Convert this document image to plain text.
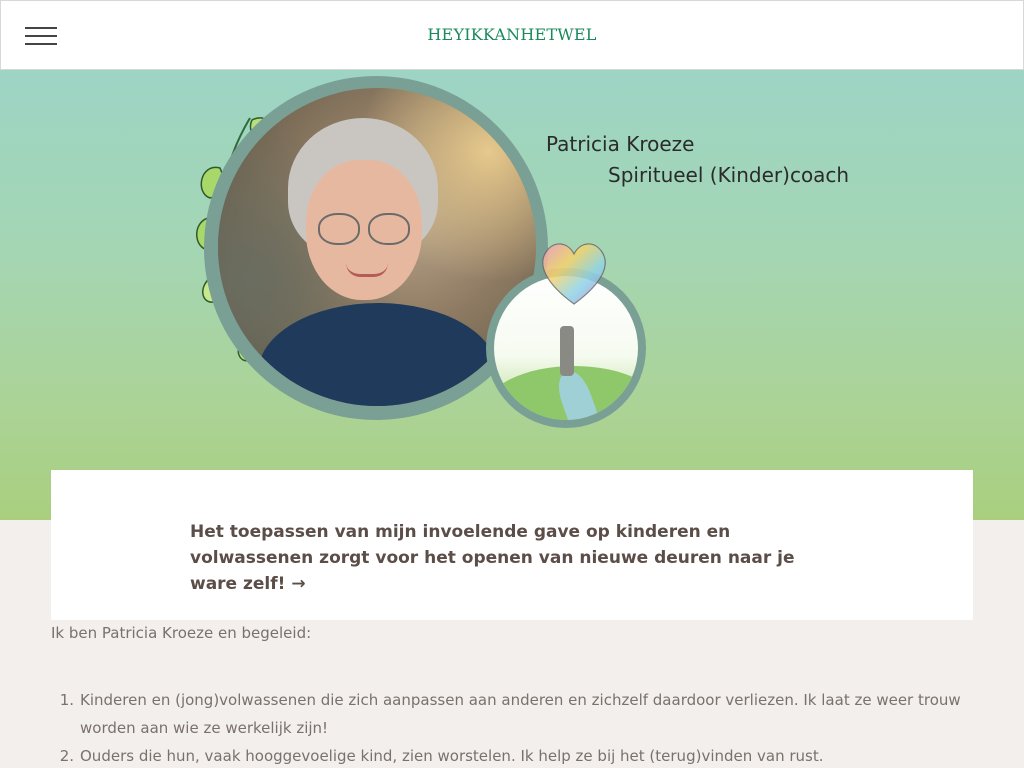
HEYIKKANHETWEL
Patricia Kroeze
Spiritueel (Kinder)coach
Het toepassen van mijn invoelende gave op kinderen en volwassenen zorgt voor het openen van nieuwe deuren naar je ware zelf! →

Ik ben Patricia Kroeze en begeleid:

1. Kinderen en (jong)volwassenen die zich aanpassen aan anderen en zichzelf daardoor verliezen. Ik laat ze weer trouw worden aan wie ze werkelijk zijn!
2. Ouders die hun, vaak hooggevoelige kind, zien worstelen. Ik help ze bij het (terug)vinden van rust.
